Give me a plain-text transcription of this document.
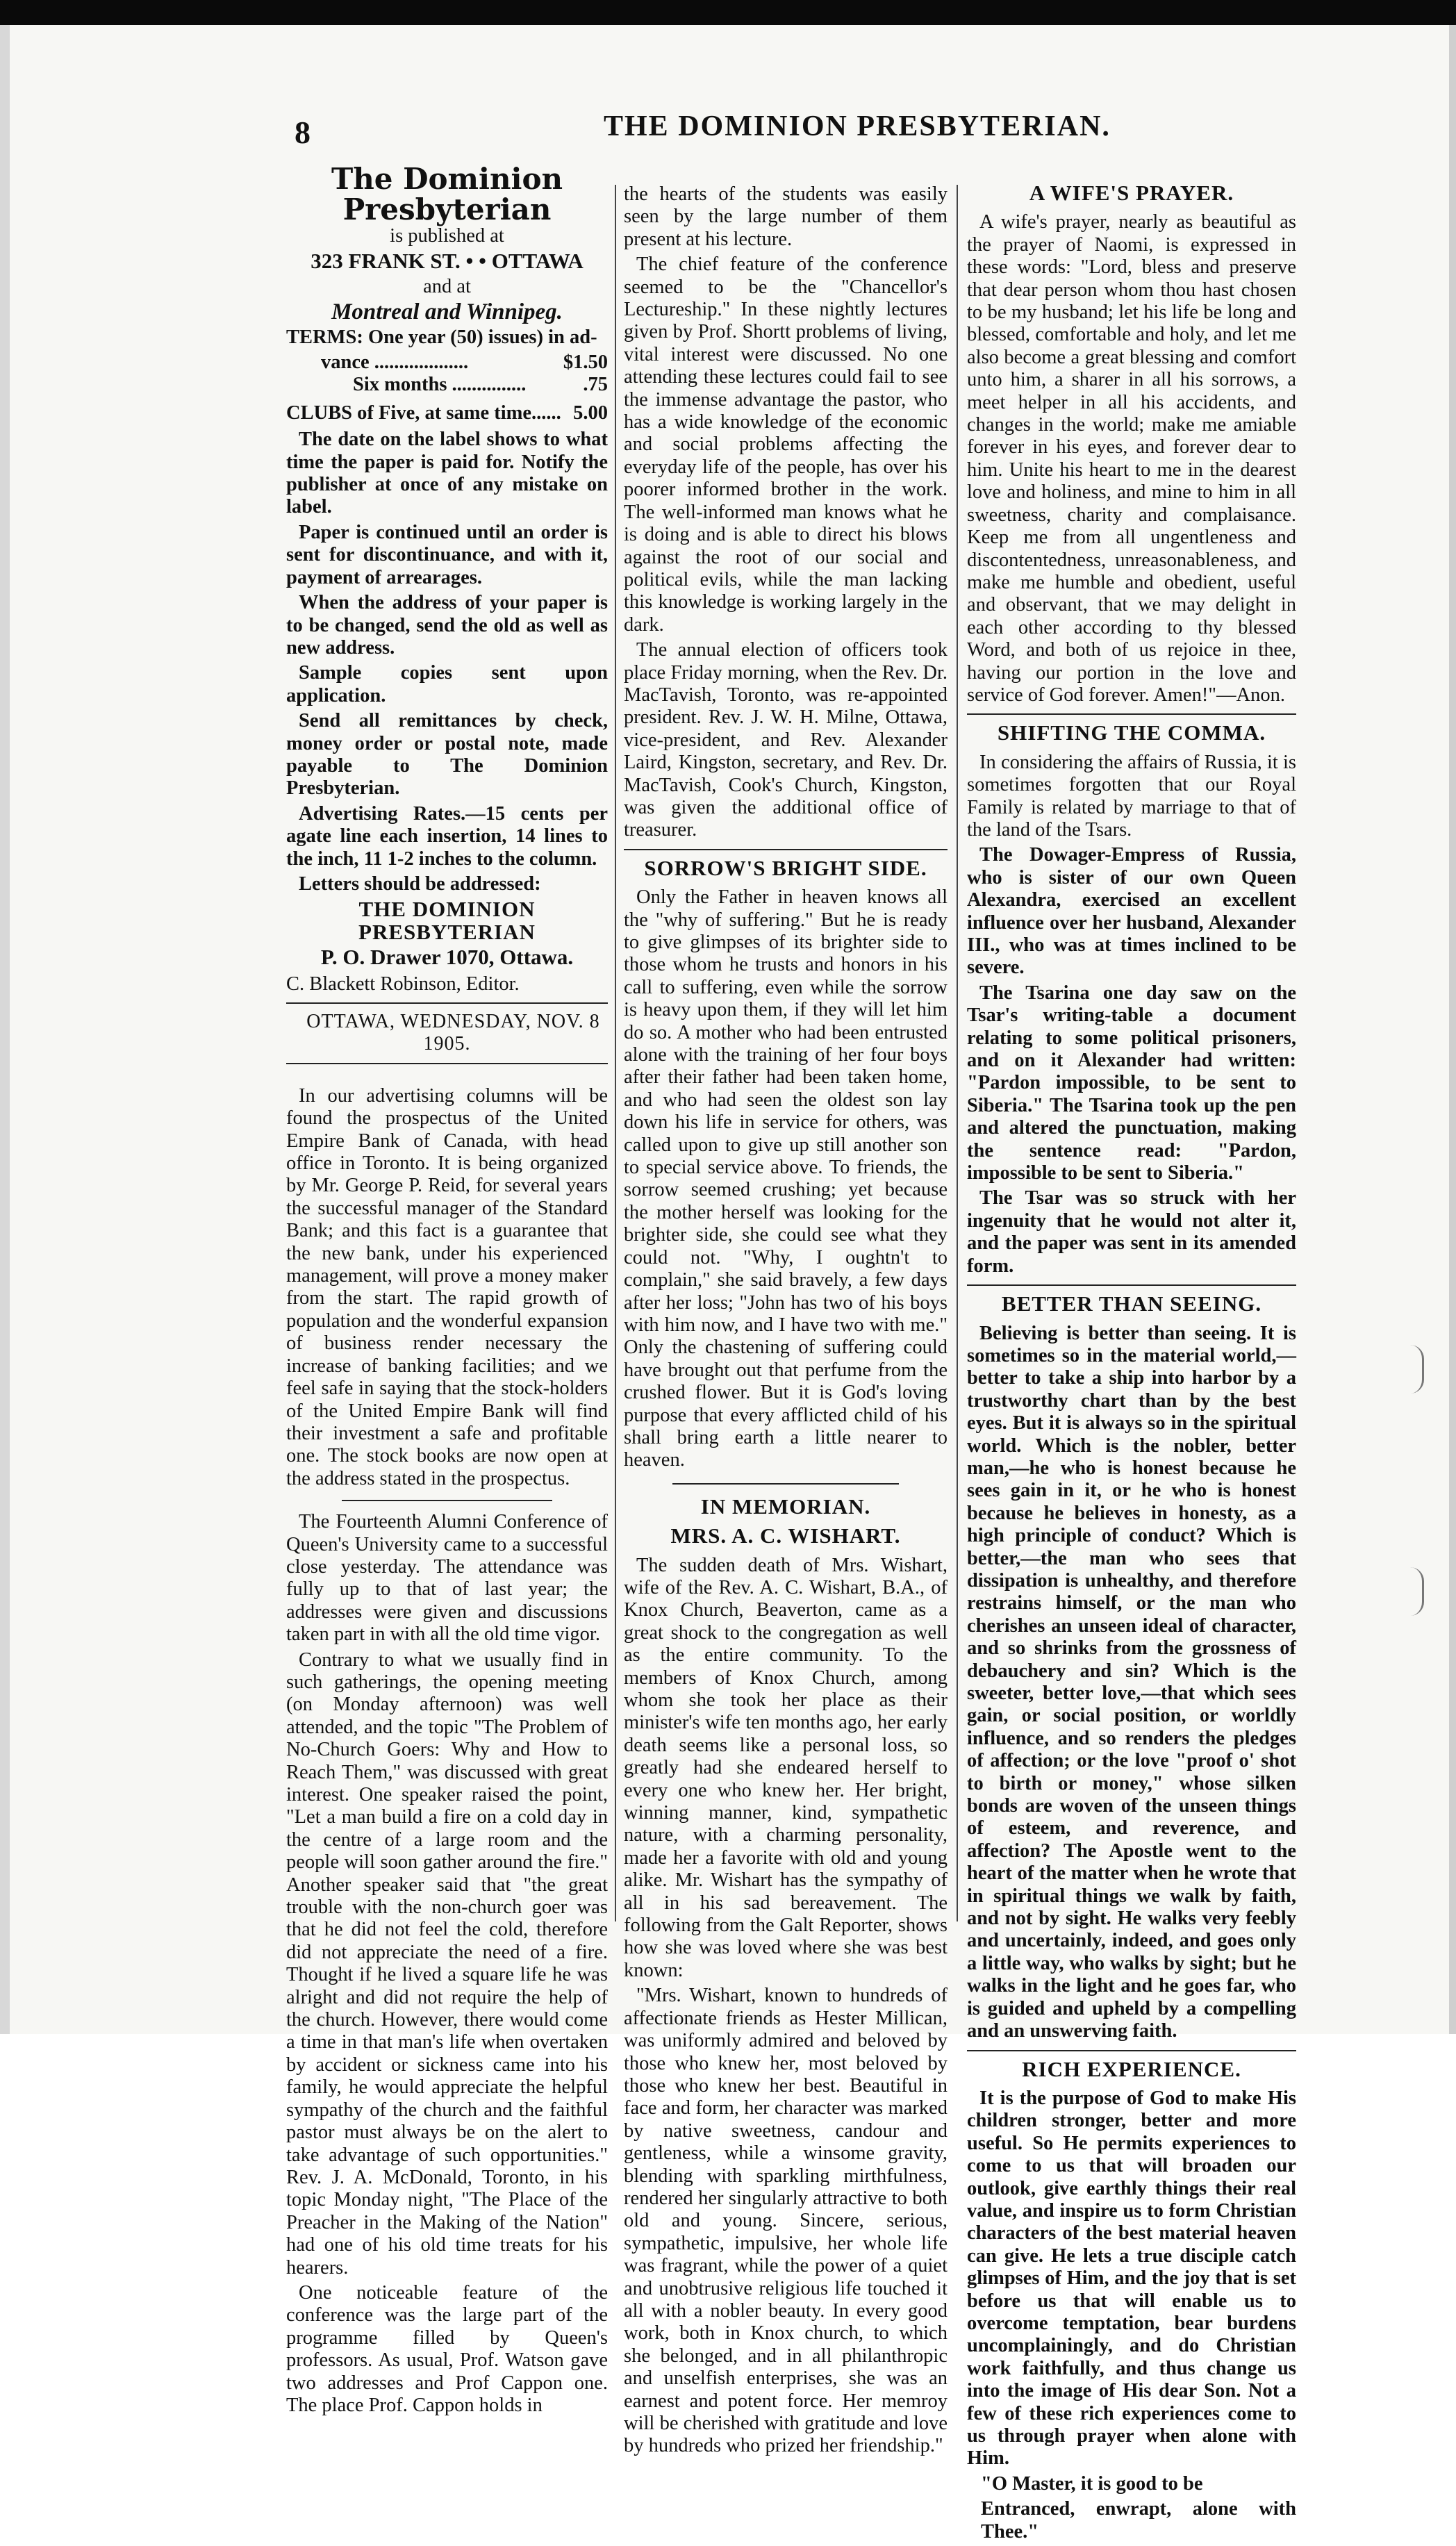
8	THE DOMINION PRESBYTERIAN.
The Dominion Presbyterian

is published at

323 FRANK ST. • • OTTAWA

and at

Montreal and Winnipeg.

TERMS: One year (50) issues) in ad-

vance ...................	$1.50
Six months ...............	.75
CLUBS of Five, at same time...... 5.00

The date on the label shows to what time the paper is paid for. Notify the publisher at once of any mistake on label.

Paper is continued until an order is sent for discontinuance, and with it, payment of arrearages.

When the address of your paper is to be changed, send the old as well as new address.

Sample copies sent upon application.

Send all remittances by check, money order or postal note, made payable to The Dominion Presbyterian.

Advertising Rates.—15 cents per agate line each insertion, 14 lines to the inch, 11 1-2 inches to the column.

Letters should be addressed:

THE DOMINION PRESBYTERIAN

P. O. Drawer 1070, Ottawa.

C. Blackett Robinson, Editor.

OTTAWA, WEDNESDAY, NOV. 8 1905.

In our advertising columns will be found the prospectus of the United Empire Bank of Canada, with head office in Toronto. It is being organized by Mr. George P. Reid, for several years the successful manager of the Standard Bank; and this fact is a guarantee that the new bank, under his experienced management, will prove a money maker from the start. The rapid growth of population and the wonderful expansion of business render necessary the increase of banking facilities; and we feel safe in saying that the stock-holders of the United Empire Bank will find their investment a safe and profitable one. The stock books are now open at the address stated in the prospectus.

The Fourteenth Alumni Conference of Queen's University came to a successful close yesterday. The attendance was fully up to that of last year; the addresses were given and discussions taken part in with all the old time vigor.

Contrary to what we usually find in such gatherings, the opening meeting (on Monday afternoon) was well attended, and the topic "The Problem of No-Church Goers: Why and How to Reach Them," was discussed with great interest. One speaker raised the point, "Let a man build a fire on a cold day in the centre of a large room and the people will soon gather around the fire." Another speaker said that "the great trouble with the non-church goer was that he did not feel the cold, therefore did not appreciate the need of a fire. Thought if he lived a square life he was alright and did not require the help of the church. However, there would come a time in that man's life when overtaken by accident or sickness came into his family, he would appreciate the helpful sympathy of the church and the faithful pastor must always be on the alert to take advantage of such opportunities." Rev. J. A. McDonald, Toronto, in his topic Monday night, "The Place of the Preacher in the Making of the Nation" had one of his old time treats for his hearers.

One noticeable feature of the conference was the large part of the programme filled by Queen's professors. As usual, Prof. Watson gave two addresses and Prof Cappon one. The place Prof. Cappon holds in

the hearts of the students was easily seen by the large number of them present at his lecture.

The chief feature of the conference seemed to be the "Chancellor's Lectureship." In these nightly lectures given by Prof. Shortt problems of living, vital interest were discussed. No one attending these lectures could fail to see the immense advantage the pastor, who has a wide knowledge of the economic and social problems affecting the everyday life of the people, has over his poorer informed brother in the work. The well-informed man knows what he is doing and is able to direct his blows against the root of our social and political evils, while the man lacking this knowledge is working largely in the dark.

The annual election of officers took place Friday morning, when the Rev. Dr. MacTavish, Toronto, was re-appointed president. Rev. J. W. H. Milne, Ottawa, vice-president, and Rev. Alexander Laird, Kingston, secretary, and Rev. Dr. MacTavish, Cook's Church, Kingston, was given the additional office of treasurer.

SORROW'S BRIGHT SIDE.

Only the Father in heaven knows all the "why of suffering." But he is ready to give glimpses of its brighter side to those whom he trusts and honors in his call to suffering, even while the sorrow is heavy upon them, if they will let him do so. A mother who had been entrusted alone with the training of her four boys after their father had been taken home, and who had seen the oldest son lay down his life in service for others, was called upon to give up still another son to special service above. To friends, the sorrow seemed crushing; yet because the mother herself was looking for the brighter side, she could see what they could not. "Why, I oughtn't to complain," she said bravely, a few days after her loss; "John has two of his boys with him now, and I have two with me." Only the chastening of suffering could have brought out that perfume from the crushed flower. But it is God's loving purpose that every afflicted child of his shall bring earth a little nearer to heaven.

IN MEMORIAN.

MRS. A. C. WISHART.

The sudden death of Mrs. Wishart, wife of the Rev. A. C. Wishart, B.A., of Knox Church, Beaverton, came as a great shock to the congregation as well as the entire community. To the members of Knox Church, among whom she took her place as their minister's wife ten months ago, her early death seems like a personal loss, so greatly had she endeared herself to every one who knew her. Her bright, winning manner, kind, sympathetic nature, with a charming personality, made her a favorite with old and young alike. Mr. Wishart has the sympathy of all in his sad bereavement. The following from the Galt Reporter, shows how she was loved where she was best known:

"Mrs. Wishart, known to hundreds of affectionate friends as Hester Millican, was uniformly admired and beloved by those who knew her, most beloved by those who knew her best. Beautiful in face and form, her character was marked by native sweetness, candour and gentleness, while a winsome gravity, blending with sparkling mirthfulness, rendered her singularly attractive to both old and young. Sincere, serious, sympathetic, impulsive, her whole life was fragrant, while the power of a quiet and unobtrusive religious life touched it all with a nobler beauty. In every good work, both in Knox church, to which she belonged, and in all philanthropic and unselfish enterprises, she was an earnest and potent force. Her memroy will be cherished with gratitude and love by hundreds who prized her friendship."

A WIFE'S PRAYER.

A wife's prayer, nearly as beautiful as the prayer of Naomi, is expressed in these words: "Lord, bless and preserve that dear person whom thou hast chosen to be my husband; let his life be long and blessed, comfortable and holy, and let me also become a great blessing and comfort unto him, a sharer in all his sorrows, a meet helper in all his accidents, and changes in the world; make me amiable forever in his eyes, and forever dear to him. Unite his heart to me in the dearest love and holiness, and mine to him in all sweetness, charity and complaisance. Keep me from all ungentleness and discontentedness, unreasonableness, and make me humble and obedient, useful and observant, that we may delight in each other according to thy blessed Word, and both of us rejoice in thee, having our portion in the love and service of God forever. Amen!"—Anon.

SHIFTING THE COMMA.

In considering the affairs of Russia, it is sometimes forgotten that our Royal Family is related by marriage to that of the land of the Tsars.

The Dowager-Empress of Russia, who is sister of our own Queen Alexandra, exercised an excellent influence over her husband, Alexander III., who was at times inclined to be severe.

The Tsarina one day saw on the Tsar's writing-table a document relating to some political prisoners, and on it Alexander had written: "Pardon impossible, to be sent to Siberia." The Tsarina took up the pen and altered the punctuation, making the sentence read: "Pardon, impossible to be sent to Siberia."

The Tsar was so struck with her ingenuity that he would not alter it, and the paper was sent in its amended form.

BETTER THAN SEEING.

Believing is better than seeing. It is sometimes so in the material world,—better to take a ship into harbor by a trustworthy chart than by the best eyes. But it is always so in the spiritual world. Which is the nobler, better man,—he who is honest because he sees gain in it, or he who is honest because he believes in honesty, as a high principle of conduct? Which is better,—the man who sees that dissipation is unhealthy, and therefore restrains himself, or the man who cherishes an unseen ideal of character, and so shrinks from the grossness of debauchery and sin? Which is the sweeter, better love,—that which sees gain, or social position, or worldly influence, and so renders the pledges of affection; or the love "proof o' shot to birth or money," whose silken bonds are woven of the unseen things of esteem, and reverence, and affection? The Apostle went to the heart of the matter when he wrote that in spiritual things we walk by faith, and not by sight. He walks very feebly and uncertainly, indeed, and goes only a little way, who walks by sight; but he walks in the light and he goes far, who is guided and upheld by a compelling and an unswerving faith.

RICH EXPERIENCE.

It is the purpose of God to make His children stronger, better and more useful. So He permits experiences to come to us that will broaden our outlook, give earthly things their real value, and inspire us to form Christian characters of the best material heaven can give. He lets a true disciple catch glimpses of Him, and the joy that is set before us that will enable us to overcome temptation, bear burdens uncomplainingly, and do Christian work faithfully, and thus change us into the image of His dear Son. Not a few of these rich experiences come to us through prayer when alone with Him.

"O Master, it is good to be

Entranced, enwrapt, alone with Thee."
